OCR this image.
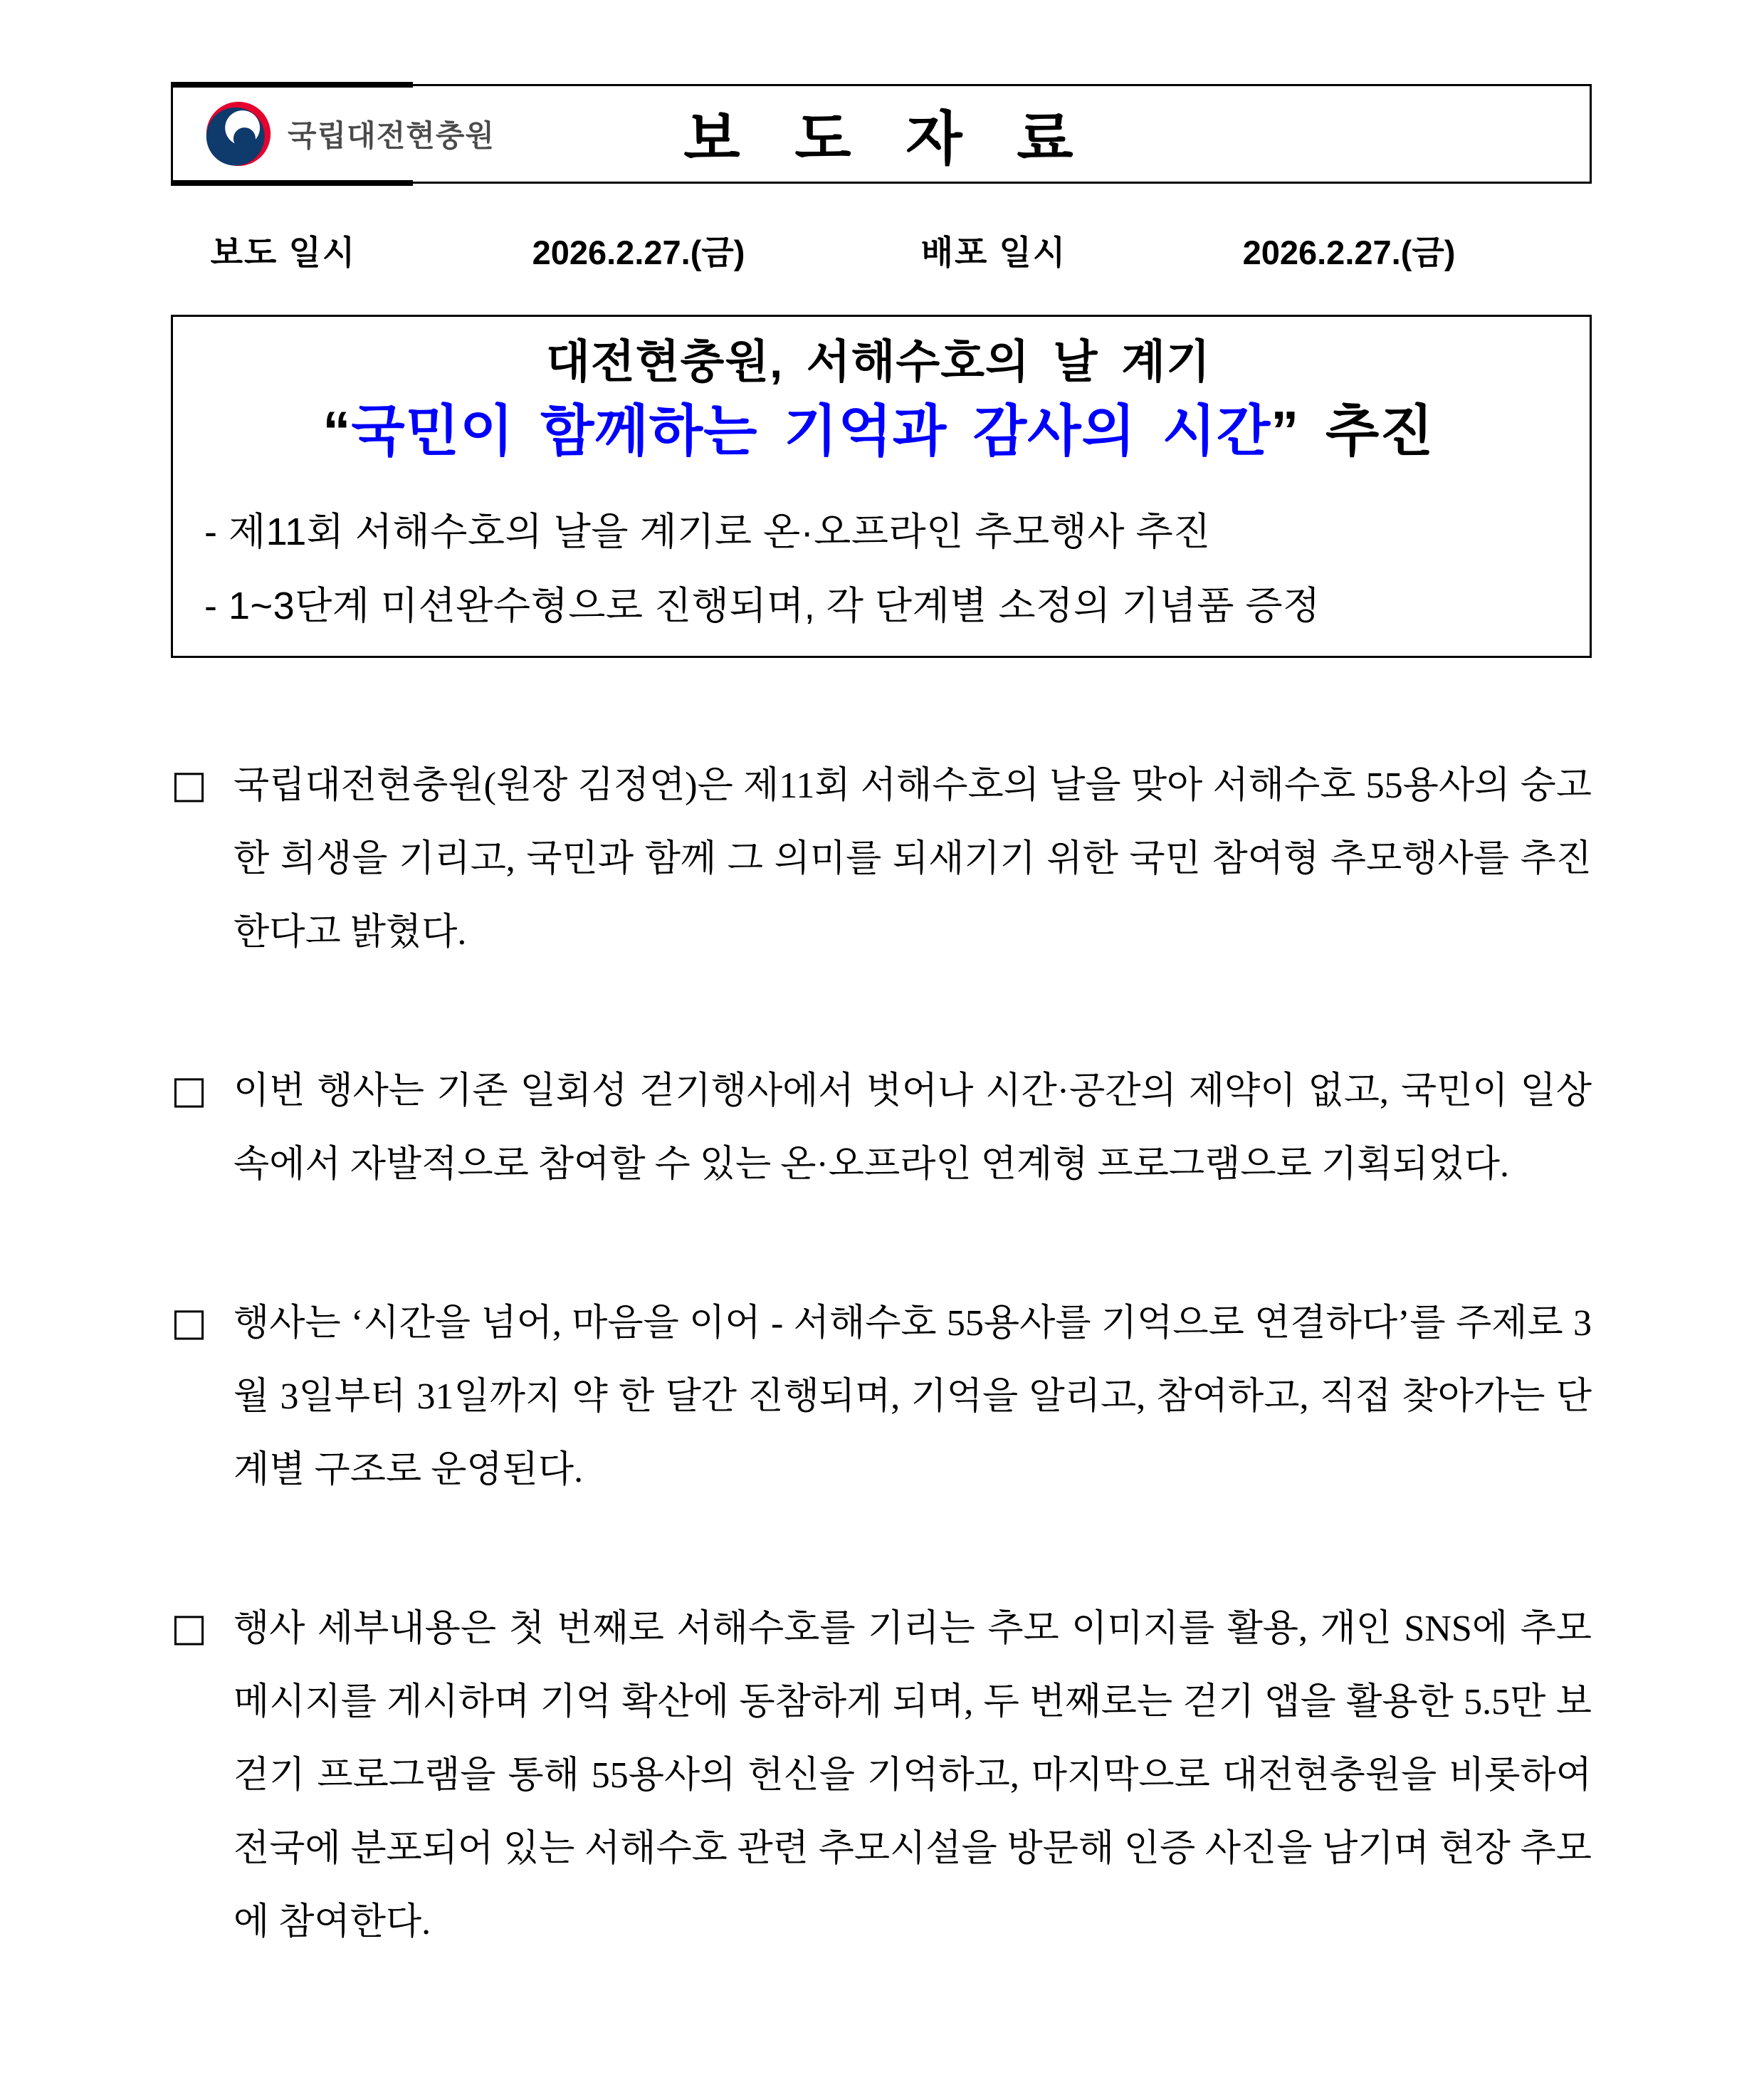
국립대전현충원	보 도 자 료
보도 일시	2026.2.27.(금)	배포 일시	2026.2.27.(금)
대전현충원, 서해수호의 날 계기
“국민이 함께하는 기억과 감사의 시간” 추진
- 제11회 서해수호의 날을 계기로 온·오프라인 추모행사 추진
- 1~3단계 미션완수형으로 진행되며, 각 단계별 소정의 기념품 증정

□ 국립대전현충원(원장 김정연)은 제11회 서해수호의 날을 맞아 서해수호 55용사의 숭고한 희생을 기리고, 국민과 함께 그 의미를 되새기기 위한 국민 참여형 추모행사를 추진한다고 밝혔다.

□ 이번 행사는 기존 일회성 걷기행사에서 벗어나 시간·공간의 제약이 없고, 국민이 일상 속에서 자발적으로 참여할 수 있는 온·오프라인 연계형 프로그램으로 기획되었다.

□ 행사는 ‘시간을 넘어, 마음을 이어 - 서해수호 55용사를 기억으로 연결하다’를 주제로 3월 3일부터 31일까지 약 한 달간 진행되며, 기억을 알리고, 참여하고, 직접 찾아가는 단계별 구조로 운영된다.

□ 행사 세부내용은 첫 번째로 서해수호를 기리는 추모 이미지를 활용, 개인 SNS에 추모 메시지를 게시하며 기억 확산에 동참하게 되며, 두 번째로는 걷기 앱을 활용한 5.5만 보 걷기 프로그램을 통해 55용사의 헌신을 기억하고, 마지막으로 대전현충원을 비롯하여 전국에 분포되어 있는 서해수호 관련 추모시설을 방문해 인증 사진을 남기며 현장 추모에 참여한다.
